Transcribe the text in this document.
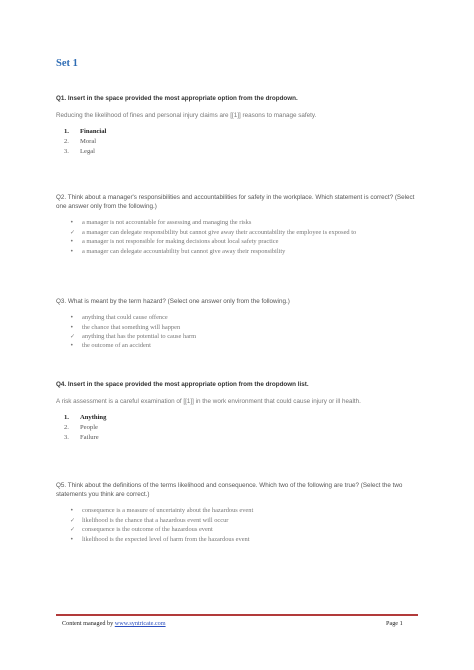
Set 1
Q1. Insert in the space provided the most appropriate option from the dropdown.
Reducing the likelihood of fines and personal injury claims are [[1]] reasons to manage safety.
1.	Financial
2.	Moral
3.	Legal
Q2. Think about a manager's responsibilities and accountabilities for safety in the workplace. Which statement is correct? (Select one answer only from the following.)
•	a manager is not accountable for assessing and managing the risks
✓	a manager can delegate responsibility but cannot give away their accountability the employee is exposed to
•	a manager is not responsible for making decisions about local safety practice
•	a manager can delegate accountability but cannot give away their responsibility
Q3. What is meant by the term hazard? (Select one answer only from the following.)
•	anything that could cause offence
•	the chance that something will happen
✓	anything that has the potential to cause harm
•	the outcome of an accident
Q4. Insert in the space provided the most appropriate option from the dropdown list.
A risk assessment is a careful examination of [[1]] in the work environment that could cause injury or ill health.
1.	Anything
2.	People
3.	Failure
Q5. Think about the definitions of the terms likelihood and consequence. Which two of the following are true? (Select the two statements you think are correct.)
•	consequence is a measure of uncertainty about the hazardous event
✓	likelihood is the chance that a hazardous event will occur
✓	consequence is the outcome of the hazardous event
•	likelihood is the expected level of harm from the hazardous event
Content managed by www.syntricate.com	Page 1
